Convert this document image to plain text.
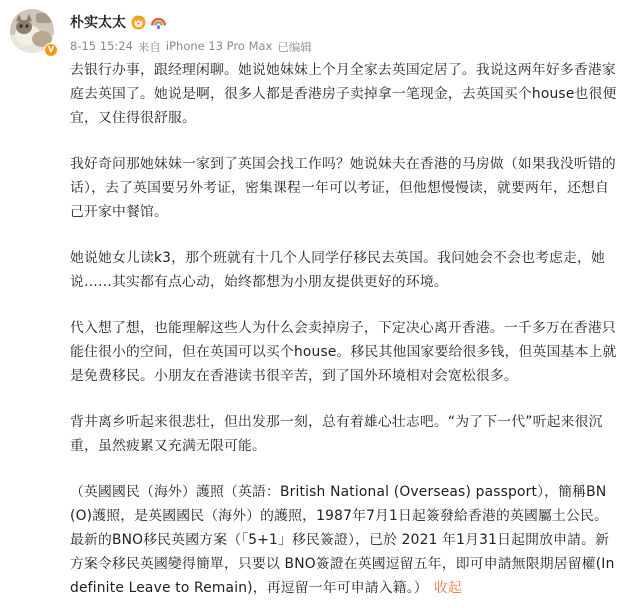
V
朴实太太
8-15 15:24 来自 iPhone 13 Pro Max 已编辑

去银行办事，跟经理闲聊。她说她妹妹上个月全家去英国定居了。我说这两年好多香港家庭去英国了。她说是啊，很多人都是香港房子卖掉拿一笔现金，去英国买个house也很便宜，又住得很舒服。

我好奇问那她妹妹一家到了英国会找工作吗？她说妹夫在香港的马房做（如果我没听错的话），去了英国要另外考证，密集课程一年可以考证，但他想慢慢读，就要两年，还想自己开家中餐馆。

她说她女儿读k3，那个班就有十几个人同学仔移民去英国。我问她会不会也考虑走，她说……其实都有点心动，始终都想为小朋友提供更好的环境。

代入想了想，也能理解这些人为什么会卖掉房子，下定决心离开香港。一千多万在香港只能住很小的空间，但在英国可以买个house。移民其他国家要给很多钱，但英国基本上就是免费移民。小朋友在香港读书很辛苦，到了国外环境相对会宽松很多。

背井离乡听起来很悲壮，但出发那一刻，总有着雄心壮志吧。“为了下一代”听起来很沉重，虽然疲累又充满无限可能。

（英國國民（海外）護照（英語：British National (Overseas) passport），簡稱BN(O)護照，是英國國民（海外）的護照，1987年7月1日起簽發給香港的英國屬土公民。最新的BNO移民英國方案（「5+1」移民簽證），已於 2021 年1月31日起開放申請。新方案令移民英國變得簡單，只要以 BNO簽證在英國逗留五年，即可申請無限期居留權(Indefinite Leave to Remain)，再逗留一年可申請入籍。） 收起
